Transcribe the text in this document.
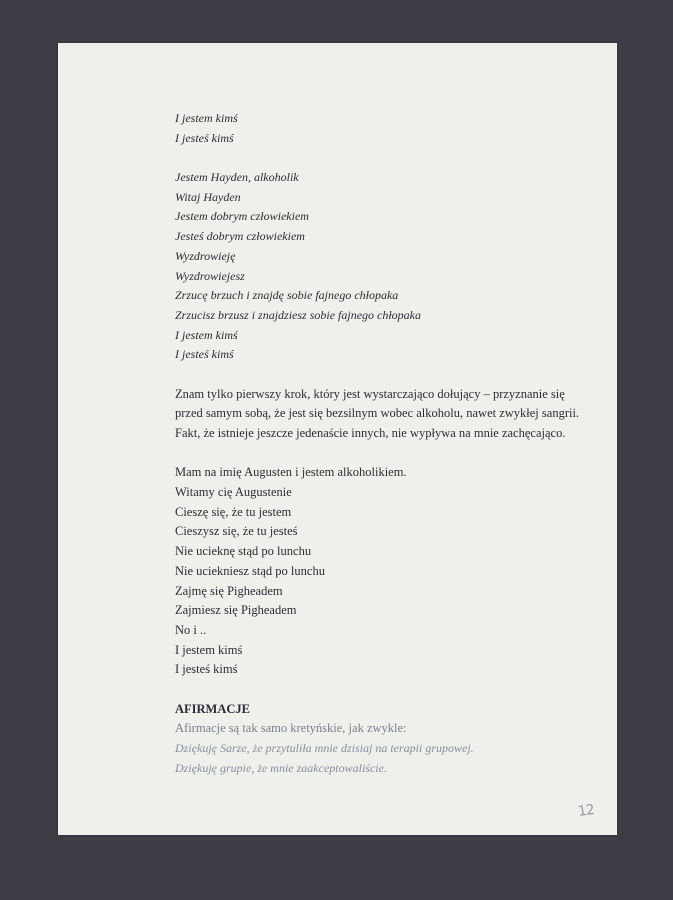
I jestem kimś
I jesteś kimś
Jestem Hayden, alkoholik
Witaj Hayden
Jestem dobrym człowiekiem
Jesteś dobrym człowiekiem
Wyzdrowieję
Wyzdrowiejesz
Zrzucę brzuch i znajdę sobie fajnego chłopaka
Zrzucisz brzusz i znajdziesz sobie fajnego chłopaka
I jestem kimś
I jesteś kimś
Znam tylko pierwszy krok, który jest wystarczająco dołujący – przyznanie się
przed samym sobą, że jest się bezsilnym wobec alkoholu, nawet zwykłej sangrii.
Fakt, że istnieje jeszcze jedenaście innych, nie wypływa na mnie zachęcająco.
Mam na imię Augusten i jestem alkoholikiem.
Witamy cię Augustenie
Cieszę się, że tu jestem
Cieszysz się, że tu jesteś
Nie ucieknę stąd po lunchu
Nie uciekniesz stąd po lunchu
Zajmę się Pigheadem
Zajmiesz się Pigheadem
No i ..
I jestem kimś
I jesteś kimś
AFIRMACJE
Afirmacje są tak samo kretyńskie, jak zwykle:
Dziękuję Sarze, że przytuliła mnie dzisiaj na terapii grupowej.
Dziękuję grupie, że mnie zaakceptowaliście.
12
